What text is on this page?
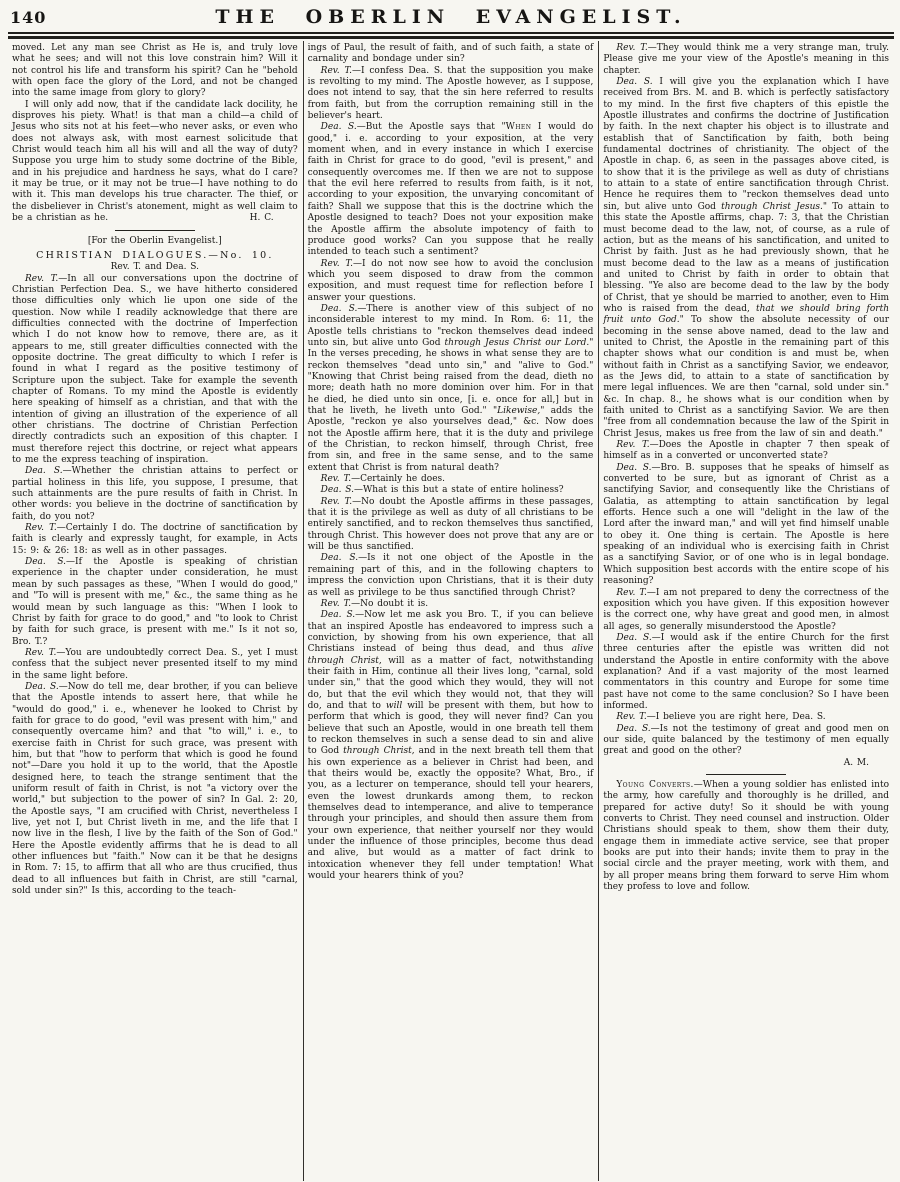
140	THE OBERLIN EVANGELIST.

moved. Let any man see Christ as He is, and truly love what he sees; and will not this love constrain him? Will it not control his life and transform his spirit? Can he "behold with open face the glory of the Lord, and not be changed into the same image from glory to glory?

I will only add now, that if the candidate lack docility, he disproves his piety. What! is that man a child—a child of Jesus who sits not at his feet—who never asks, or even who does not always ask, with most earnest solicitude that Christ would teach him all his will and all the way of duty? Suppose you urge him to study some doctrine of the Bible, and in his prejudice and hardness he says, what do I care? it may be true, or it may not be true—I have nothing to do with it. This man develops his true character. The thief, or the disbeliever in Christ's atonement, might as well claim to be a christian as he.	H. C.

[For the Oberlin Evangelist.]

CHRISTIAN DIALOGUES.—No. 10.

Rev. T. and Dea. S.

Rev. T.—In all our conversations upon the doctrine of Christian Perfection Dea. S., we have hitherto considered those difficulties only which lie upon one side of the question. Now while I readily acknowledge that there are difficulties connected with the doctrine of Imperfection which I do not know how to remove, there are, as it appears to me, still greater difficulties connected with the opposite doctrine. The great difficulty to which I refer is found in what I regard as the positive testimony of Scripture upon the subject. Take for example the seventh chapter of Romans. To my mind the Apostle is evidently here speaking of himself as a christian, and that with the intention of giving an illustration of the experience of all other christians. The doctrine of Christian Perfection directly contradicts such an exposition of this chapter. I must therefore reject this doctrine, or reject what appears to me the express teaching of inspiration.

Dea. S.—Whether the christian attains to perfect or partial holiness in this life, you suppose, I presume, that such attainments are the pure results of faith in Christ. In other words: you believe in the doctrine of sanctification by faith, do you not?

Rev. T.—Certainly I do. The doctrine of sanctification by faith is clearly and expressly taught, for example, in Acts 15: 9: & 26: 18: as well as in other passages.

Dea. S.—If the Apostle is speaking of christian experience in the chapter under consideration, he must mean by such passages as these, "When I would do good," and "To will is present with me," &c., the same thing as he would mean by such language as this: "When I look to Christ by faith for grace to do good," and "to look to Christ by faith for such grace, is present with me." Is it not so, Bro. T.?

Rev. T.—You are undoubtedly correct Dea. S., yet I must confess that the subject never presented itself to my mind in the same light before.

Dea. S.—Now do tell me, dear brother, if you can believe that the Apostle intends to assert here, that while he "would do good," i. e., whenever he looked to Christ by faith for grace to do good, "evil was present with him," and consequently overcame him? and that "to will," i. e., to exercise faith in Christ for such grace, was present with him, but that "how to perform that which is good he found not"—Dare you hold it up to the world, that the Apostle designed here, to teach the strange sentiment that the uniform result of faith in Christ, is not "a victory over the world," but subjection to the power of sin? In Gal. 2: 20, the Apostle says, "I am crucified with Christ, nevertheless I live, yet not I, but Christ liveth in me, and the life that I now live in the flesh, I live by the faith of the Son of God." Here the Apostle evidently affirms that he is dead to all other influences but "faith." Now can it be that he designs in Rom. 7: 15, to affirm that all who are thus crucified, thus dead to all influences but faith in Christ, are still "carnal, sold under sin?" Is this, according to the teach-

ings of Paul, the result of faith, and of such faith, a state of carnality and bondage under sin?

Rev. T.—I confess Dea. S. that the supposition you make is revolting to my mind. The Apostle however, as I suppose, does not intend to say, that the sin here referred to results from faith, but from the corruption remaining still in the believer's heart.

Dea. S.—But the Apostle says that "When I would do good," i. e. according to your exposition, at the very moment when, and in every instance in which I exercise faith in Christ for grace to do good, "evil is present," and consequently overcomes me. If then we are not to suppose that the evil here referred to results from faith, is it not, according to your exposition, the unvarying concomitant of faith? Shall we suppose that this is the doctrine which the Apostle designed to teach? Does not your exposition make the Apostle affirm the absolute impotency of faith to produce good works? Can you suppose that he really intended to teach such a sentiment?

Rev. T.—I do not now see how to avoid the conclusion which you seem disposed to draw from the common exposition, and must request time for reflection before I answer your questions.

Dea. S.—There is another view of this subject of no inconsiderable interest to my mind. In Rom. 6: 11, the Apostle tells christians to "reckon themselves dead indeed unto sin, but alive unto God through Jesus Christ our Lord." In the verses preceding, he shows in what sense they are to reckon themselves "dead unto sin," and "alive to God." "Knowing that Christ being raised from the dead, dieth no more; death hath no more dominion over him. For in that he died, he died unto sin once, [i. e. once for all,] but in that he liveth, he liveth unto God." "Likewise," adds the Apostle, "reckon ye also yourselves dead," &c. Now does not the Apostle affirm here, that it is the duty and privilege of the Christian, to reckon himself, through Christ, free from sin, and free in the same sense, and to the same extent that Christ is from natural death?

Rev. T.—Certainly he does.

Dea. S.—What is this but a state of entire holiness?

Rev. T.—No doubt the Apostle affirms in these passages, that it is the privilege as well as duty of all christians to be entirely sanctified, and to reckon themselves thus sanctified, through Christ. This however does not prove that any are or will be thus sanctified.

Dea. S.—Is it not one object of the Apostle in the remaining part of this, and in the following chapters to impress the conviction upon Christians, that it is their duty as well as privilege to be thus sanctified through Christ?

Rev. T.—No doubt it is.

Dea. S.—Now let me ask you Bro. T., if you can believe that an inspired Apostle has endeavored to impress such a conviction, by showing from his own experience, that all Christians instead of being thus dead, and thus alive through Christ, will as a matter of fact, notwithstanding their faith in Him, continue all their lives long, "carnal, sold under sin," that the good which they would, they will not do, but that the evil which they would not, that they will do, and that to will will be present with them, but how to perform that which is good, they will never find? Can you believe that such an Apostle, would in one breath tell them to reckon themselves in such a sense dead to sin and alive to God through Christ, and in the next breath tell them that his own experience as a believer in Christ had been, and that theirs would be, exactly the opposite? What, Bro., if you, as a lecturer on temperance, should tell your hearers, even the lowest drunkards among them, to reckon themselves dead to intemperance, and alive to temperance through your principles, and should then assure them from your own experience, that neither yourself nor they would under the influence of those principles, become thus dead and alive, but would as a matter of fact drink to intoxication whenever they fell under temptation! What would your hearers think of you?

Rev. T.—They would think me a very strange man, truly. Please give me your view of the Apostle's meaning in this chapter.

Dea. S. I will give you the explanation which I have received from Brs. M. and B. which is perfectly satisfactory to my mind. In the first five chapters of this epistle the Apostle illustrates and confirms the doctrine of Justification by faith. In the next chapter his object is to illustrate and establish that of Sanctification by faith, both being fundamental doctrines of christianity. The object of the Apostle in chap. 6, as seen in the passages above cited, is to show that it is the privilege as well as duty of christians to attain to a state of entire sanctification through Christ. Hence he requires them to "reckon themselves dead unto sin, but alive unto God through Christ Jesus." To attain to this state the Apostle affirms, chap. 7: 3, that the Christian must become dead to the law, not, of course, as a rule of action, but as the means of his sanctification, and united to Christ by faith. Just as he had previously shown, that he must become dead to the law as a means of justification and united to Christ by faith in order to obtain that blessing. "Ye also are become dead to the law by the body of Christ, that ye should be married to another, even to Him who is raised from the dead, that we should bring forth fruit unto God." To show the absolute necessity of our becoming in the sense above named, dead to the law and united to Christ, the Apostle in the remaining part of this chapter shows what our condition is and must be, when without faith in Christ as a sanctifying Savior, we endeavor, as the Jews did, to attain to a state of sanctification by mere legal influences. We are then "carnal, sold under sin." &c. In chap. 8., he shows what is our condition when by faith united to Christ as a sanctifying Savior. We are then "free from all condemnation because the law of the Spirit in Christ Jesus, makes us free from the law of sin and death."

Rev. T.—Does the Apostle in chapter 7 then speak of himself as in a converted or unconverted state?

Dea. S.—Bro. B. supposes that he speaks of himself as converted to be sure, but as ignorant of Christ as a sanctifying Savior, and consequently like the Christians of Galatia, as attempting to attain sanctification by legal efforts. Hence such a one will "delight in the law of the Lord after the inward man," and will yet find himself unable to obey it. One thing is certain. The Apostle is here speaking of an individual who is exercising faith in Christ as a sanctifying Savior, or of one who is in legal bondage. Which supposition best accords with the entire scope of his reasoning?

Rev. T.—I am not prepared to deny the correctness of the exposition which you have given. If this exposition however is the correct one, why have great and good men, in almost all ages, so generally misunderstood the Apostle?

Dea. S.—I would ask if the entire Church for the first three centuries after the epistle was written did not understand the Apostle in entire conformity with the above explanation? And if a vast majority of the most learned commentators in this country and Europe for some time past have not come to the same conclusion? So I have been informed.

Rev. T.—I believe you are right here, Dea. S.

Dea. S.—Is not the testimony of great and good men on our side, quite balanced by the testimony of men equally great and good on the other?

A. M.

Young Converts.—When a young soldier has enlisted into the army, how carefully and thoroughly is he drilled, and prepared for active duty! So it should be with young converts to Christ. They need counsel and instruction. Older Christians should speak to them, show them their duty, engage them in immediate active service, see that proper books are put into their hands; invite them to pray in the social circle and the prayer meeting, work with them, and by all proper means bring them forward to serve Him whom they profess to love and follow.
